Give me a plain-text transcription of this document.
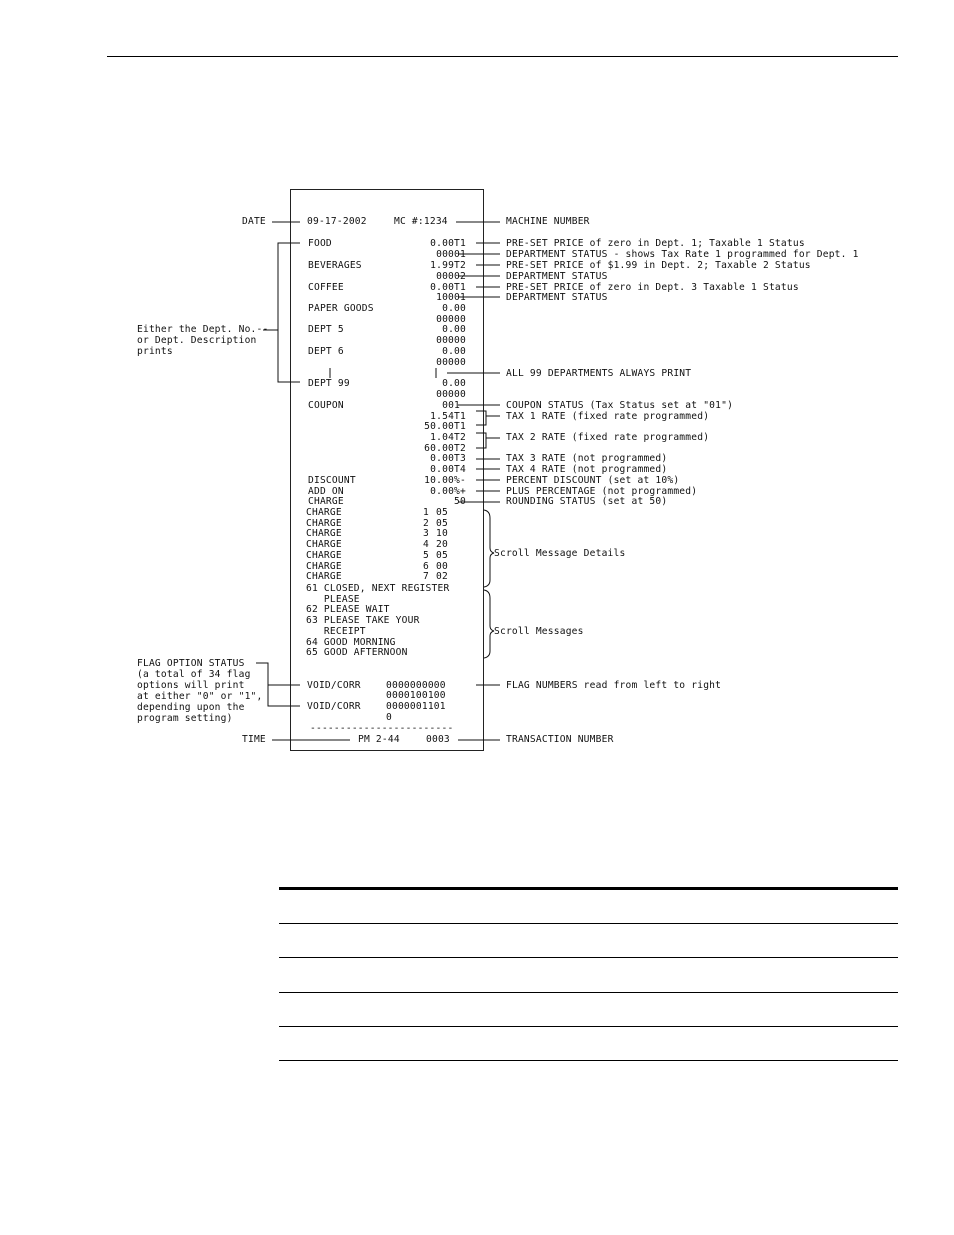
09-17-2002	MC #:1234
FOOD	0.00T1
00001
BEVERAGES	1.99T2
00002
COFFEE	0.00T1
10001
PAPER GOODS	0.00
00000
DEPT 5	0.00
00000
DEPT 6	0.00
00000
DEPT 99	0.00
00000
COUPON	001-
1.54T1
50.00T1
1.04T2
60.00T2
0.00T3
0.00T4
DISCOUNT	10.00%-
ADD ON	0.00%+
CHARGE	50
CHARGE	1 05
CHARGE	2 05
CHARGE	3 10
CHARGE	4 20
CHARGE	5 05
CHARGE	6 00
CHARGE	7 02
61 CLOSED, NEXT REGISTER
PLEASE
62 PLEASE WAIT
63 PLEASE TAKE YOUR
RECEIPT
64 GOOD MORNING
65 GOOD AFTERNOON
VOID/CORR	0000000000
0000100100
VOID/CORR	0000001101
0
------------------------
PM 2-44	0003
DATE
Either the Dept. No.--
or Dept. Description
prints
FLAG OPTION STATUS
(a total of 34 flag
options will print
at either "0" or "1",
depending upon the
program setting)
TIME
MACHINE NUMBER
PRE-SET PRICE of zero in Dept. 1; Taxable 1 Status
DEPARTMENT STATUS - shows Tax Rate 1 programmed for Dept. 1
PRE-SET PRICE of $1.99 in Dept. 2; Taxable 2 Status
DEPARTMENT STATUS
PRE-SET PRICE of zero in Dept. 3 Taxable 1 Status
DEPARTMENT STATUS
ALL 99 DEPARTMENTS ALWAYS PRINT
COUPON STATUS (Tax Status set at "01")
TAX 1 RATE (fixed rate programmed)
TAX 2 RATE (fixed rate programmed)
TAX 3 RATE (not programmed)
TAX 4 RATE (not programmed)
PERCENT DISCOUNT (set at 10%)
PLUS PERCENTAGE (not programmed)
ROUNDING STATUS (set at 50)
Scroll Message Details
Scroll Messages
FLAG NUMBERS read from left to right
TRANSACTION NUMBER
